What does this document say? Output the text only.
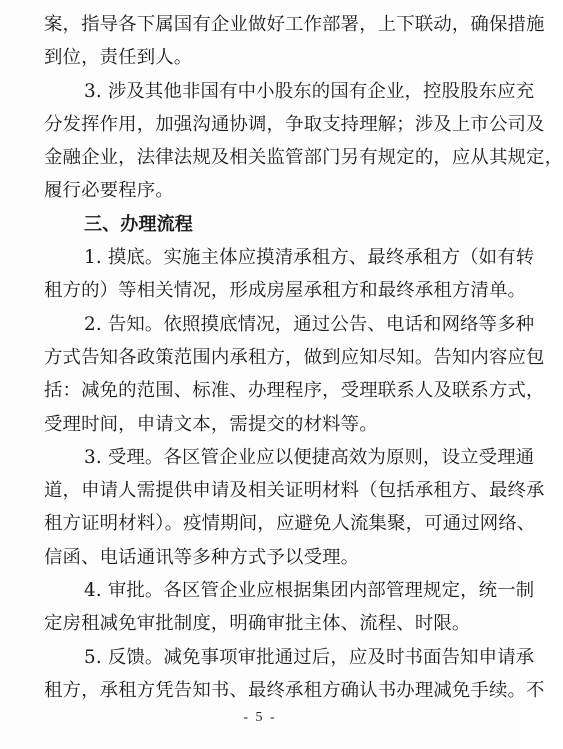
案，指导各下属国有企业做好工作部署，上下联动，确保措施
到位，责任到人。
3. 涉及其他非国有中小股东的国有企业，控股股东应充
分发挥作用，加强沟通协调，争取支持理解；涉及上市公司及
金融企业，法律法规及相关监管部门另有规定的，应从其规定，
履行必要程序。
三、办理流程
1. 摸底。实施主体应摸清承租方、最终承租方（如有转
租方的）等相关情况，形成房屋承租方和最终承租方清单。
2. 告知。依照摸底情况，通过公告、电话和网络等多种
方式告知各政策范围内承租方，做到应知尽知。告知内容应包
括：减免的范围、标准、办理程序，受理联系人及联系方式，
受理时间，申请文本，需提交的材料等。
3. 受理。各区管企业应以便捷高效为原则，设立受理通
道，申请人需提供申请及相关证明材料（包括承租方、最终承
租方证明材料）。疫情期间，应避免人流集聚，可通过网络、
信函、电话通讯等多种方式予以受理。
4. 审批。各区管企业应根据集团内部管理规定，统一制
定房租减免审批制度，明确审批主体、流程、时限。
5. 反馈。减免事项审批通过后，应及时书面告知申请承
租方，承租方凭告知书、最终承租方确认书办理减免手续。不
- 5 -
